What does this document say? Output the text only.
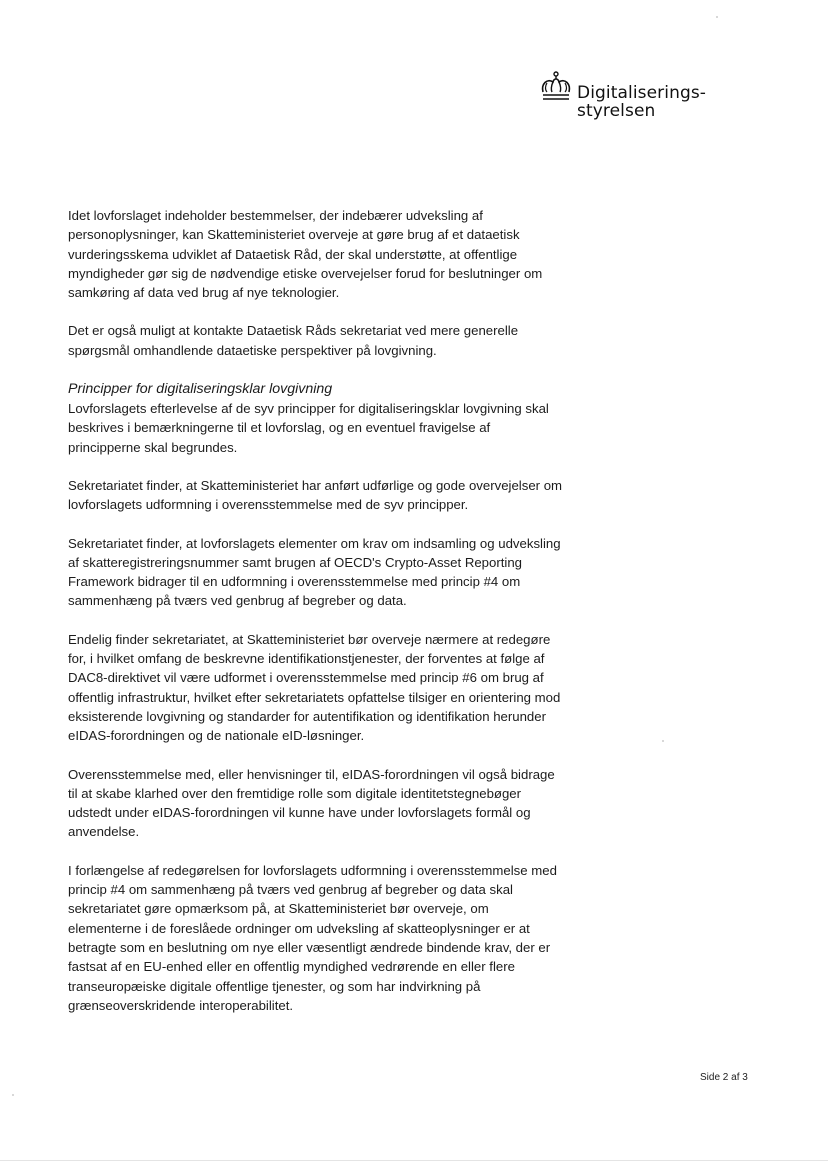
Digitaliserings-
styrelsen

Idet lovforslaget indeholder bestemmelser, der indebærer udveksling af personoplysninger, kan Skatteministeriet overveje at gøre brug af et dataetisk vurderingsskema udviklet af Dataetisk Råd, der skal understøtte, at offentlige myndigheder gør sig de nødvendige etiske overvejelser forud for beslutninger om samkøring af data ved brug af nye teknologier.

Det er også muligt at kontakte Dataetisk Råds sekretariat ved mere generelle spørgsmål omhandlende dataetiske perspektiver på lovgivning.

Principper for digitaliseringsklar lovgivning

Lovforslagets efterlevelse af de syv principper for digitaliseringsklar lovgivning skal beskrives i bemærkningerne til et lovforslag, og en eventuel fravigelse af principperne skal begrundes.

Sekretariatet finder, at Skatteministeriet har anført udførlige og gode overvejelser om lovforslagets udformning i overensstemmelse med de syv principper.

Sekretariatet finder, at lovforslagets elementer om krav om indsamling og udveksling af skatteregistreringsnummer samt brugen af OECD's Crypto-Asset Reporting Framework bidrager til en udformning i overensstemmelse med princip #4 om sammenhæng på tværs ved genbrug af begreber og data.

Endelig finder sekretariatet, at Skatteministeriet bør overveje nærmere at redegøre for, i hvilket omfang de beskrevne identifikationstjenester, der forventes at følge af DAC8-direktivet vil være udformet i overensstemmelse med princip #6 om brug af offentlig infrastruktur, hvilket efter sekretariatets opfattelse tilsiger en orientering mod eksisterende lovgivning og standarder for autentifikation og identifikation herunder eIDAS-forordningen og de nationale eID-løsninger.

Overensstemmelse med, eller henvisninger til, eIDAS-forordningen vil også bidrage til at skabe klarhed over den fremtidige rolle som digitale identitetstegnebøger udstedt under eIDAS-forordningen vil kunne have under lovforslagets formål og anvendelse.

I forlængelse af redegørelsen for lovforslagets udformning i overensstemmelse med princip #4 om sammenhæng på tværs ved genbrug af begreber og data skal sekretariatet gøre opmærksom på, at Skatteministeriet bør overveje, om elementerne i de foreslåede ordninger om udveksling af skatteoplysninger er at betragte som en beslutning om nye eller væsentligt ændrede bindende krav, der er fastsat af en EU-enhed eller en offentlig myndighed vedrørende en eller flere transeuropæiske digitale offentlige tjenester, og som har indvirkning på grænseoverskridende interoperabilitet.

Side 2 af 3
